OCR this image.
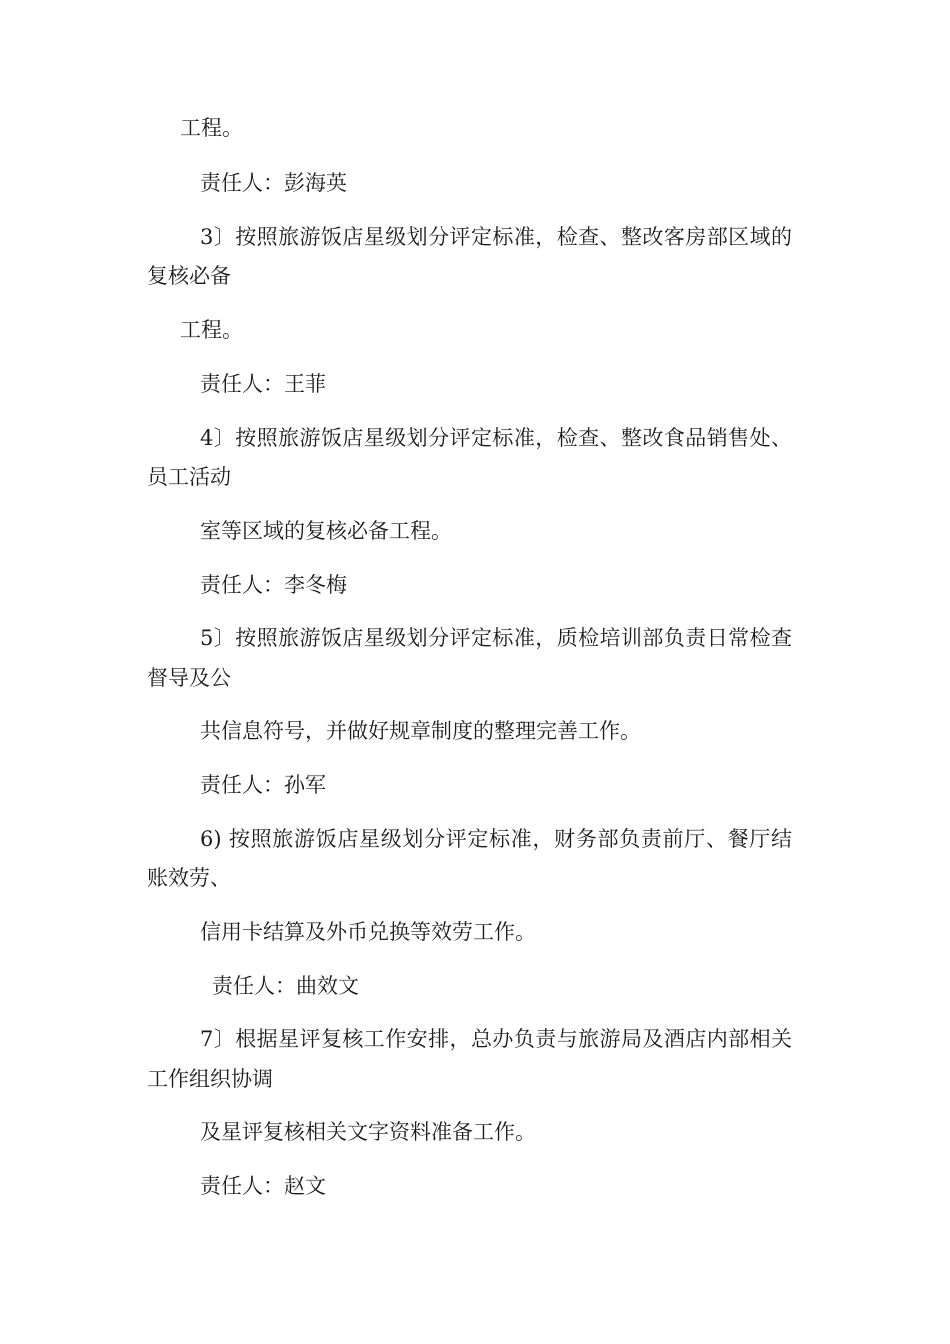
工程。
责任人：彭海英
3〕按照旅游饭店星级划分评定标准，检查、整改客房部区域的
复核必备
工程。
责任人：王菲
4〕按照旅游饭店星级划分评定标准，检查、整改食品销售处、
员工活动
室等区域的复核必备工程。
责任人：李冬梅
5〕按照旅游饭店星级划分评定标准，质检培训部负责日常检查
督导及公
共信息符号，并做好规章制度的整理完善工作。
责任人：孙军
6) 按照旅游饭店星级划分评定标准，财务部负责前厅、餐厅结
账效劳、
信用卡结算及外币兑换等效劳工作。
责任人：曲效文
7〕根据星评复核工作安排，总办负责与旅游局及酒店内部相关
工作组织协调
及星评复核相关文字资料准备工作。
责任人：赵文
